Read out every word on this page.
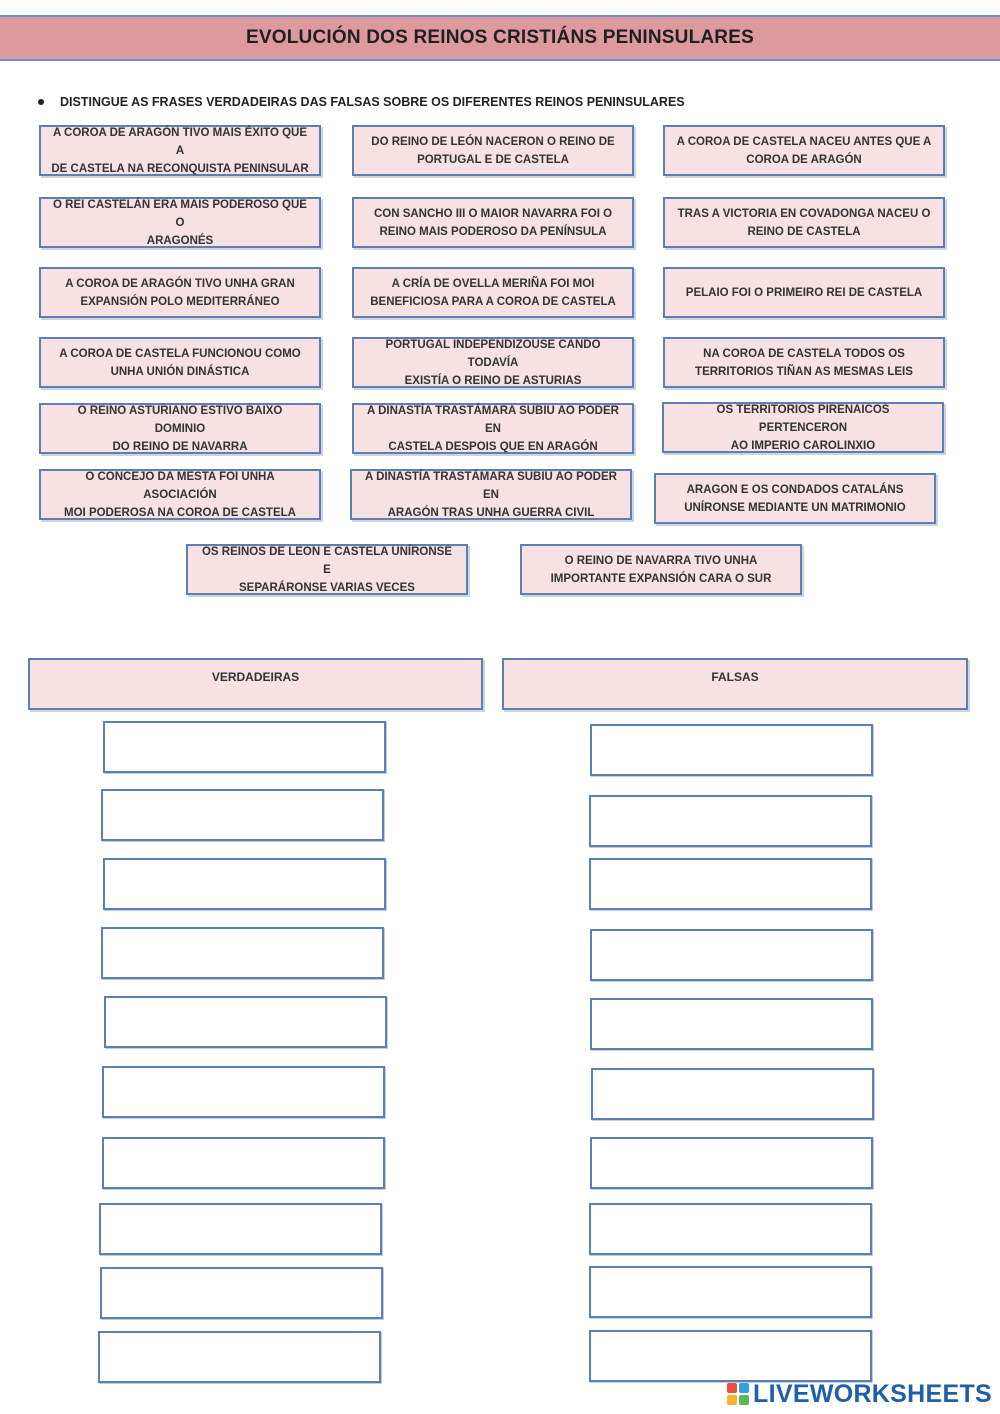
EVOLUCIÓN DOS REINOS CRISTIÁNS PENINSULARES
DISTINGUE AS FRASES VERDADEIRAS DAS FALSAS SOBRE OS DIFERENTES REINOS PENINSULARES
A COROA DE ARAGÓN TIVO MAIS ÉXITO QUE A
DE CASTELA NA RECONQUISTA PENINSULAR
DO REINO DE LEÓN NACERON O REINO DE
PORTUGAL E DE CASTELA
A COROA DE CASTELA NACEU ANTES QUE A
COROA DE ARAGÓN
O REI CASTELÁN ERA MAIS PODEROSO QUE O
ARAGONÉS
CON SANCHO III O MAIOR NAVARRA FOI O
REINO MAIS PODEROSO DA PENÍNSULA
TRAS A VICTORIA EN COVADONGA NACEU O
REINO DE CASTELA
A COROA DE ARAGÓN TIVO UNHA GRAN
EXPANSIÓN POLO MEDITERRÁNEO
A CRÍA DE OVELLA MERIÑA FOI MOI
BENEFICIOSA PARA A COROA DE CASTELA
PELAIO FOI O PRIMEIRO REI DE CASTELA
A COROA DE CASTELA FUNCIONOU COMO
UNHA UNIÓN DINÁSTICA
PORTUGAL INDEPENDIZOUSE CANDO TODAVÍA
EXISTÍA O REINO DE ASTURIAS
NA COROA DE CASTELA TODOS OS
TERRITORIOS TIÑAN AS MESMAS LEIS
O REINO ASTURIANO ESTIVO BAIXO DOMINIO
DO REINO DE NAVARRA
A DINASTÍA TRASTÁMARA SUBIU AO PODER EN
CASTELA DESPOIS QUE EN ARAGÓN
OS TERRITORIOS PIRENAICOS PERTENCERON
AO IMPERIO CAROLINXIO
O CONCEJO DA MESTA FOI UNHA ASOCIACIÓN
MOI PODEROSA NA COROA DE CASTELA
A DINASTÍA TRASTÁMARA SUBIU AO PODER EN
ARAGÓN TRAS UNHA GUERRA CIVIL
ARAGON E OS CONDADOS CATALÁNS
UNÍRONSE MEDIANTE UN MATRIMONIO
OS REINOS DE LEON E CASTELA UNÍRONSE E
SEPARÁRONSE VARIAS VECES
O REINO DE NAVARRA TIVO UNHA
IMPORTANTE EXPANSIÓN CARA O SUR
VERDADEIRAS	FALSAS
LIVEWORKSHEETS
